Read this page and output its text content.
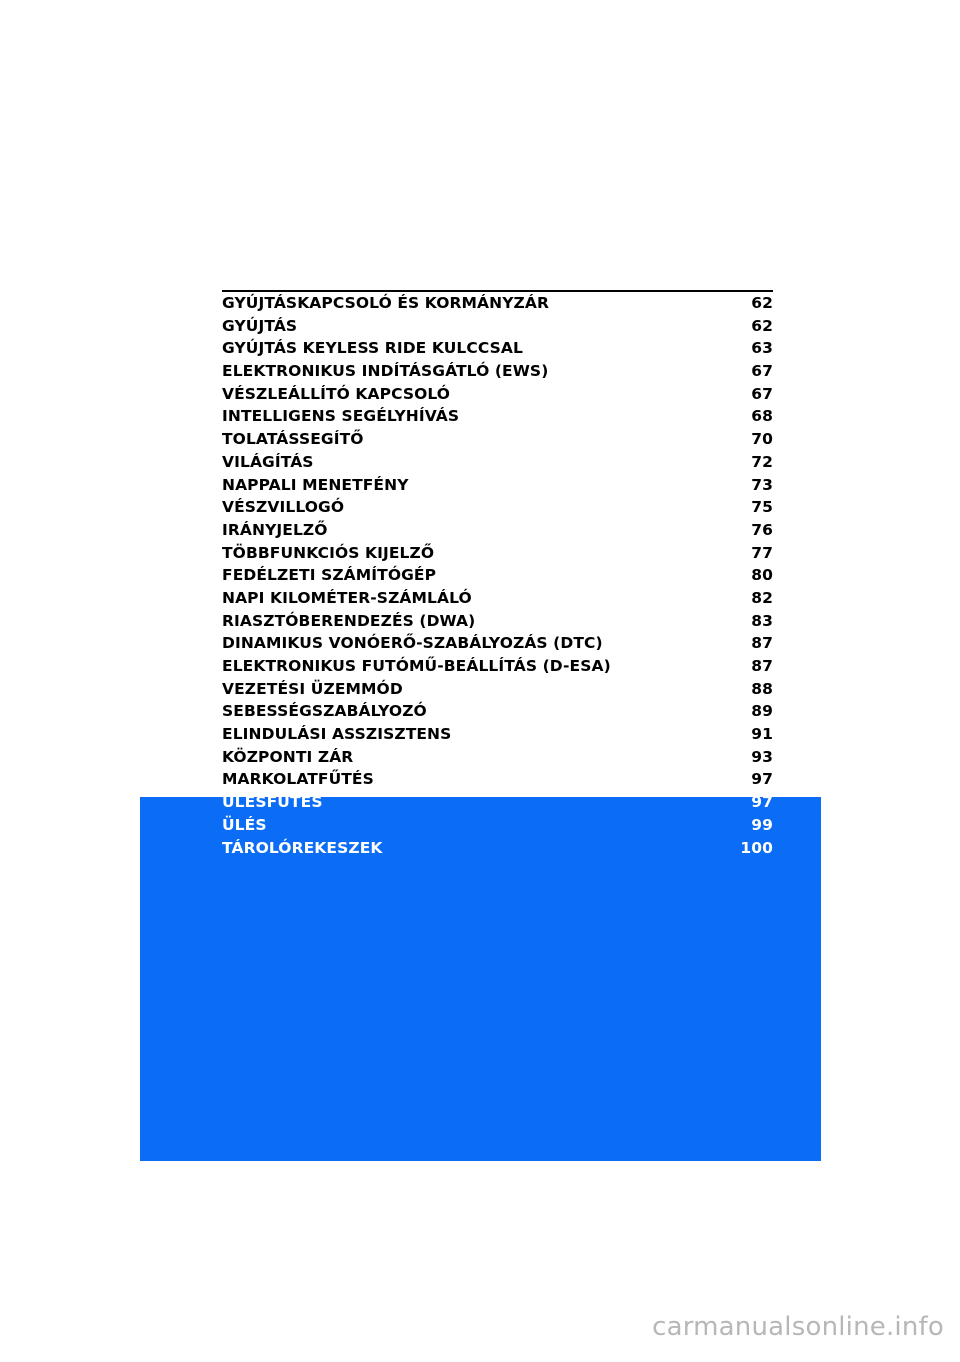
GYÚJTÁSKAPCSOLÓ ÉS KORMÁNYZÁR	62
GYÚJTÁS	62
GYÚJTÁS KEYLESS RIDE KULCCSAL	63
ELEKTRONIKUS INDÍTÁSGÁTLÓ (EWS)	67
VÉSZLEÁLLÍTÓ KAPCSOLÓ	67
INTELLIGENS SEGÉLYHÍVÁS	68
TOLATÁSSEGÍTŐ	70
VILÁGÍTÁS	72
NAPPALI MENETFÉNY	73
VÉSZVILLOGÓ	75
IRÁNYJELZŐ	76
TÖBBFUNKCIÓS KIJELZŐ	77
FEDÉLZETI SZÁMÍTÓGÉP	80
NAPI KILOMÉTER-SZÁMLÁLÓ	82
RIASZTÓBERENDEZÉS (DWA)	83
DINAMIKUS VONÓERŐ-SZABÁLYOZÁS (DTC)	87
ELEKTRONIKUS FUTÓMŰ-BEÁLLÍTÁS (D-ESA)	87
VEZETÉSI ÜZEMMÓD	88
SEBESSÉGSZABÁLYOZÓ	89
ELINDULÁSI ASSZISZTENS	91
KÖZPONTI ZÁR	93
MARKOLATFŰTÉS	97
ÜLÉSFŰTÉS	97
ÜLÉS	99
TÁROLÓREKESZEK	100
carmanualsonline.info
